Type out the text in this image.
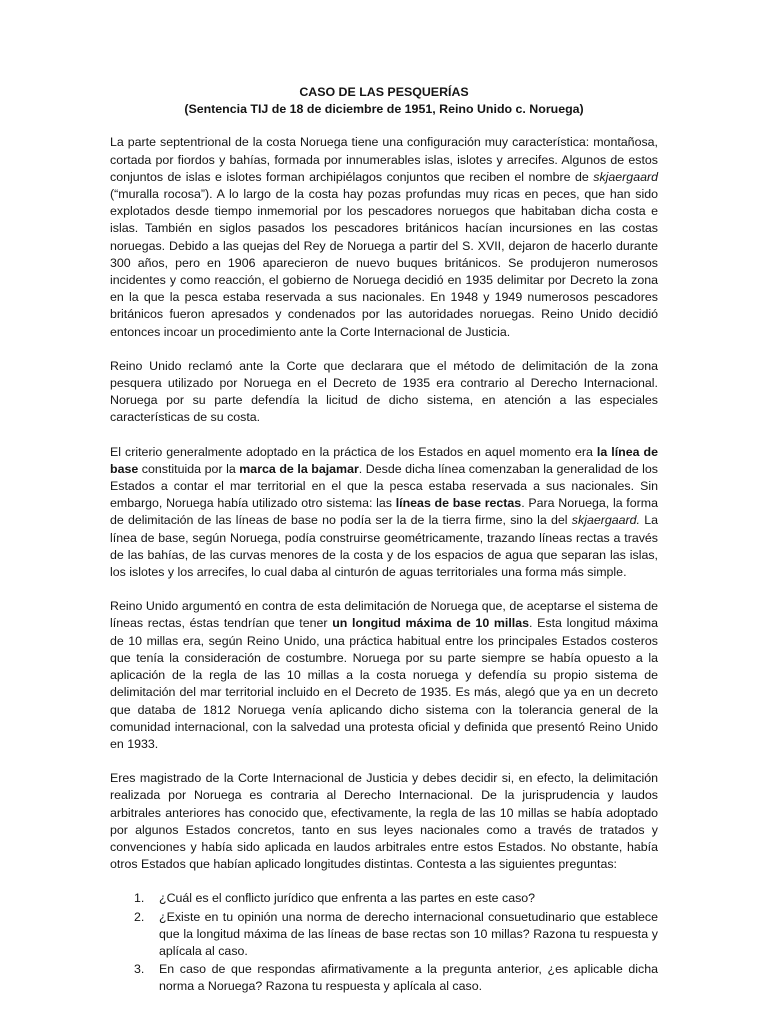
CASO DE LAS PESQUERÍAS

(Sentencia TIJ de 18 de diciembre de 1951, Reino Unido c. Noruega)

La parte septentrional de la costa Noruega tiene una configuración muy característica: montañosa, cortada por fiordos y bahías, formada por innumerables islas, islotes y arrecifes. Algunos de estos conjuntos de islas e islotes forman archipiélagos conjuntos que reciben el nombre de skjaergaard (“muralla rocosa”). A lo largo de la costa hay pozas profundas muy ricas en peces, que han sido explotados desde tiempo inmemorial por los pescadores noruegos que habitaban dicha costa e islas. También en siglos pasados los pescadores británicos hacían incursiones en las costas noruegas. Debido a las quejas del Rey de Noruega a partir del S. XVII, dejaron de hacerlo durante 300 años, pero en 1906 aparecieron de nuevo buques británicos. Se produjeron numerosos incidentes y como reacción, el gobierno de Noruega decidió en 1935 delimitar por Decreto la zona en la que la pesca estaba reservada a sus nacionales. En 1948 y 1949 numerosos pescadores británicos fueron apresados y condenados por las autoridades noruegas. Reino Unido decidió entonces incoar un procedimiento ante la Corte Internacional de Justicia.

Reino Unido reclamó ante la Corte que declarara que el método de delimitación de la zona pesquera utilizado por Noruega en el Decreto de 1935 era contrario al Derecho Internacional. Noruega por su parte defendía la licitud de dicho sistema, en atención a las especiales características de su costa.

El criterio generalmente adoptado en la práctica de los Estados en aquel momento era la línea de base constituida por la marca de la bajamar. Desde dicha línea comenzaban la generalidad de los Estados a contar el mar territorial en el que la pesca estaba reservada a sus nacionales. Sin embargo, Noruega había utilizado otro sistema: las líneas de base rectas. Para Noruega, la forma de delimitación de las líneas de base no podía ser la de la tierra firme, sino la del skjaergaard. La línea de base, según Noruega, podía construirse geométricamente, trazando líneas rectas a través de las bahías, de las curvas menores de la costa y de los espacios de agua que separan las islas, los islotes y los arrecifes, lo cual daba al cinturón de aguas territoriales una forma más simple.

Reino Unido argumentó en contra de esta delimitación de Noruega que, de aceptarse el sistema de líneas rectas, éstas tendrían que tener un longitud máxima de 10 millas. Esta longitud máxima de 10 millas era, según Reino Unido, una práctica habitual entre los principales Estados costeros que tenía la consideración de costumbre. Noruega por su parte siempre se había opuesto a la aplicación de la regla de las 10 millas a la costa noruega y defendía su propio sistema de delimitación del mar territorial incluido en el Decreto de 1935. Es más, alegó que ya en un decreto que databa de 1812 Noruega venía aplicando dicho sistema con la tolerancia general de la comunidad internacional, con la salvedad una protesta oficial y definida que presentó Reino Unido en 1933.

Eres magistrado de la Corte Internacional de Justicia y debes decidir si, en efecto, la delimitación realizada por Noruega es contraria al Derecho Internacional. De la jurisprudencia y laudos arbitrales anteriores has conocido que, efectivamente, la regla de las 10 millas se había adoptado por algunos Estados concretos, tanto en sus leyes nacionales como a través de tratados y convenciones y había sido aplicada en laudos arbitrales entre estos Estados. No obstante, había otros Estados que habían aplicado longitudes distintas. Contesta a las siguientes preguntas:

1.	¿Cuál es el conflicto jurídico que enfrenta a las partes en este caso?
2.	¿Existe en tu opinión una norma de derecho internacional consuetudinario que establece que la longitud máxima de las líneas de base rectas son 10 millas? Razona tu respuesta y aplícala al caso.
3.	En caso de que respondas afirmativamente a la pregunta anterior, ¿es aplicable dicha norma a Noruega? Razona tu respuesta y aplícala al caso.
